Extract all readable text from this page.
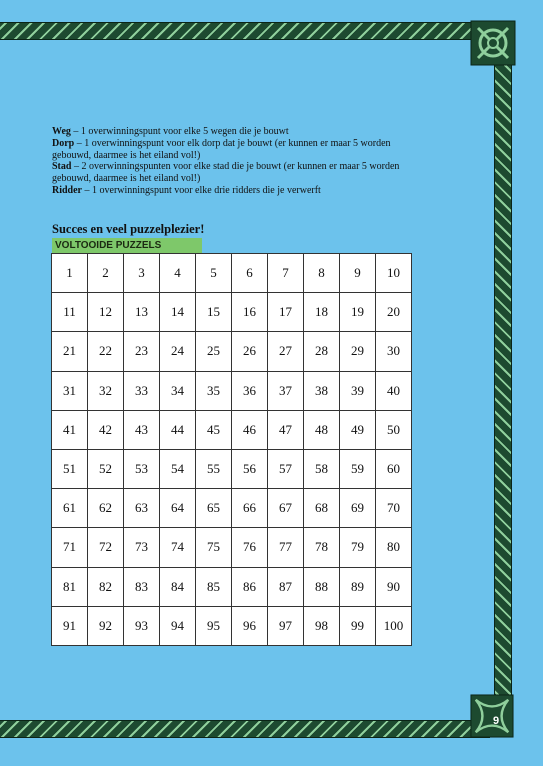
Weg – 1 overwinningspunt voor elke 5 wegen die je bouwt

Dorp – 1 overwinningspunt voor elk dorp dat je bouwt (er kunnen er maar 5 worden gebouwd, daarmee is het eiland vol!)

Stad – 2 overwinningspunten voor elke stad die je bouwt (er kunnen er maar 5 worden gebouwd, daarmee is het eiland vol!)

Ridder – 1 overwinningspunt voor elke drie ridders die je verwerft

Succes en veel puzzelplezier!

VOLTOOIDE PUZZELS
1	2	3	4	5	6	7	8	9	10
11	12	13	14	15	16	17	18	19	20
21	22	23	24	25	26	27	28	29	30
31	32	33	34	35	36	37	38	39	40
41	42	43	44	45	46	47	48	49	50
51	52	53	54	55	56	57	58	59	60
61	62	63	64	65	66	67	68	69	70
71	72	73	74	75	76	77	78	79	80
81	82	83	84	85	86	87	88	89	90
91	92	93	94	95	96	97	98	99	100
9
